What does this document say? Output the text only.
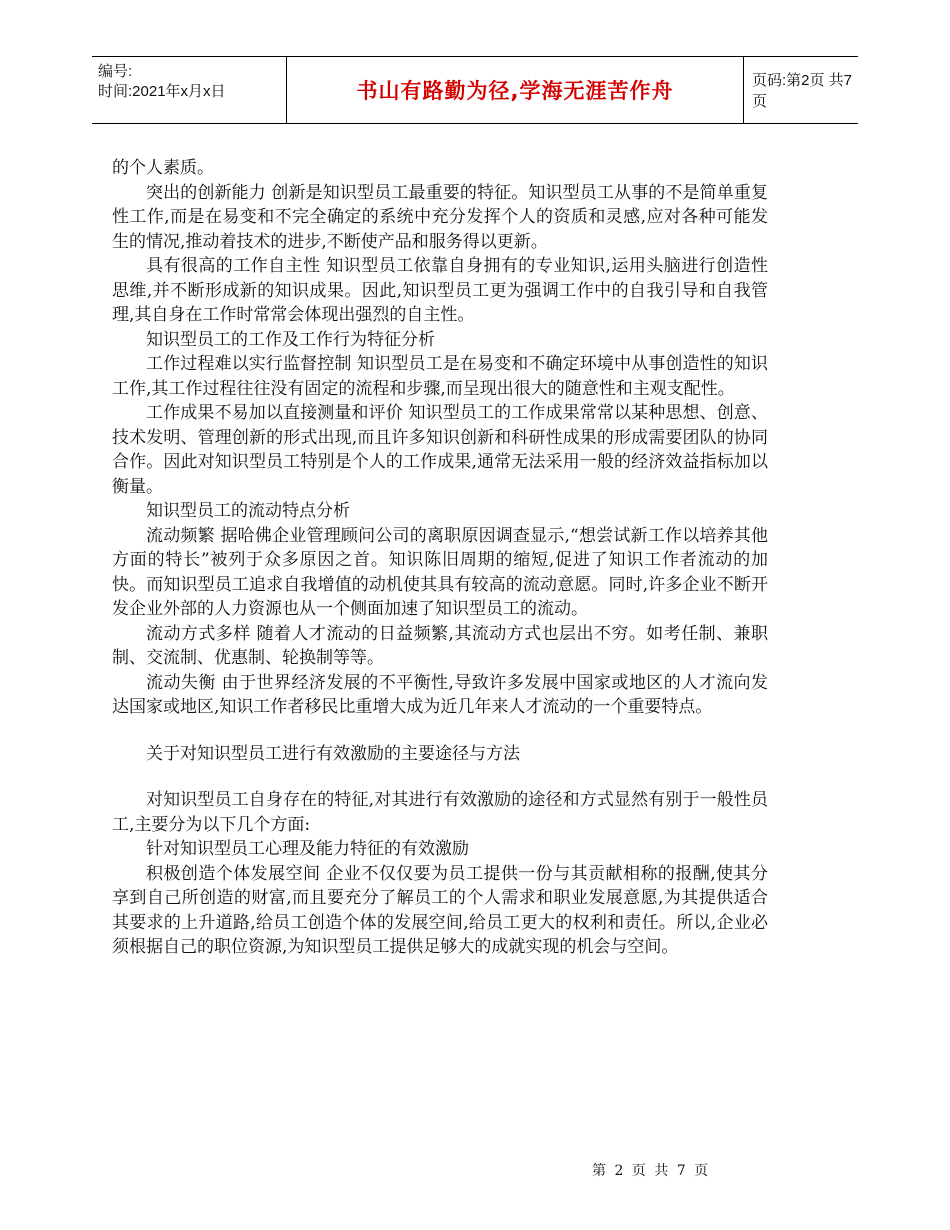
编号:
时间:2021年x月x日	书山有路勤为径,学海无涯苦作舟	页码:第2页 共7页

的个人素质。

突出的创新能力 创新是知识型员工最重要的特征。知识型员工从事的不是简单重复性工作,而是在易变和不完全确定的系统中充分发挥个人的资质和灵感,应对各种可能发生的情况,推动着技术的进步,不断使产品和服务得以更新。

具有很高的工作自主性 知识型员工依靠自身拥有的专业知识,运用头脑进行创造性思维,并不断形成新的知识成果。因此,知识型员工更为强调工作中的自我引导和自我管理,其自身在工作时常常会体现出强烈的自主性。

知识型员工的工作及工作行为特征分析

工作过程难以实行监督控制 知识型员工是在易变和不确定环境中从事创造性的知识工作,其工作过程往往没有固定的流程和步骤,而呈现出很大的随意性和主观支配性。

工作成果不易加以直接测量和评价 知识型员工的工作成果常常以某种思想、创意、技术发明、管理创新的形式出现,而且许多知识创新和科研性成果的形成需要团队的协同合作。因此对知识型员工特别是个人的工作成果,通常无法采用一般的经济效益指标加以衡量。

知识型员工的流动特点分析

流动频繁 据哈佛企业管理顾问公司的离职原因调查显示,“想尝试新工作以培养其他方面的特长”被列于众多原因之首。知识陈旧周期的缩短,促进了知识工作者流动的加快。而知识型员工追求自我增值的动机使其具有较高的流动意愿。同时,许多企业不断开发企业外部的人力资源也从一个侧面加速了知识型员工的流动。

流动方式多样 随着人才流动的日益频繁,其流动方式也层出不穷。如考任制、兼职制、交流制、优惠制、轮换制等等。

流动失衡 由于世界经济发展的不平衡性,导致许多发展中国家或地区的人才流向发达国家或地区,知识工作者移民比重增大成为近几年来人才流动的一个重要特点。

关于对知识型员工进行有效激励的主要途径与方法

对知识型员工自身存在的特征,对其进行有效激励的途径和方式显然有别于一般性员工,主要分为以下几个方面:

针对知识型员工心理及能力特征的有效激励

积极创造个体发展空间 企业不仅仅要为员工提供一份与其贡献相称的报酬,使其分享到自己所创造的财富,而且要充分了解员工的个人需求和职业发展意愿,为其提供适合其要求的上升道路,给员工创造个体的发展空间,给员工更大的权利和责任。所以,企业必须根据自己的职位资源,为知识型员工提供足够大的成就实现的机会与空间。

第 2 页 共 7 页
